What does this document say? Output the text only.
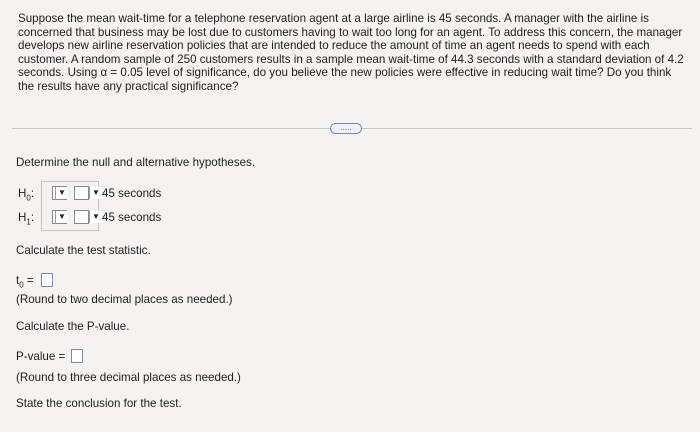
Suppose the mean wait-time for a telephone reservation agent at a large airline is 45 seconds. A manager with the airline is concerned that business may be lost due to customers having to wait too long for an agent. To address this concern, the manager develops new airline reservation policies that are intended to reduce the amount of time an agent needs to spend with each customer. A random sample of 250 customers results in a sample mean wait-time of 44.3 seconds with a standard deviation of 4.2 seconds. Using α = 0.05 level of significance, do you believe the new policies were effective in reducing wait time? Do you think the results have any practical significance?
.....
Determine the null and alternative hypotheses.
$H_0$:	▼	▼ 45 seconds
$H_1$:	▼	▼ 45 seconds
Calculate the test statistic.
$t_0$ =
(Round to two decimal places as needed.)
Calculate the P-value.
P-value =
(Round to three decimal places as needed.)
State the conclusion for the test.
